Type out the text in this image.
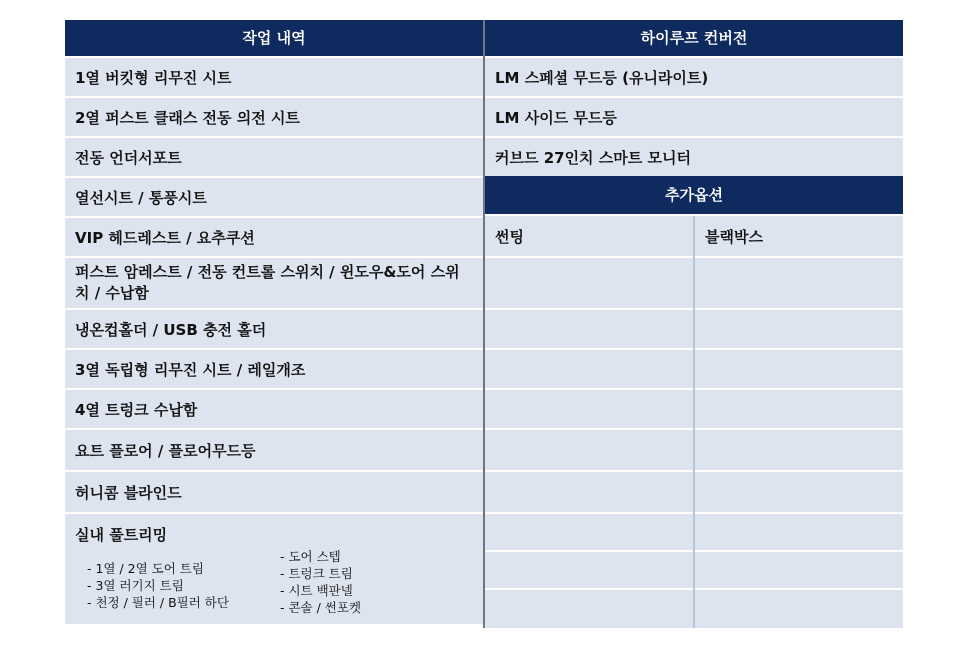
작업 내역
1열 버킷형 리무진 시트
2열 퍼스트 클래스 전동 의전 시트
전동 언더서포트
열선시트 / 통풍시트
VIP 헤드레스트 / 요추쿠션
퍼스트 암레스트 / 전동 컨트롤 스위치 / 윈도우&도어 스위치 / 수납함
냉온컵홀더 / USB 충전 홀더
3열 독립형 리무진 시트 / 레일개조
4열 트렁크 수납함
요트 플로어 / 플로어무드등
허니콤 블라인드
실내 풀트리밍
- 1열 / 2열 도어 트림
- 3열 러기지 트림
- 천정 / 필러 / B필러 하단
- 도어 스텝
- 트렁크 트림
- 시트 백판넬
- 콘솔 / 썬포켓
하이루프 컨버전
LM 스페셜 무드등 (유니라이트)
LM 사이드 무드등
커브드 27인치 스마트 모니터
추가옵션
썬팅	블랙박스
